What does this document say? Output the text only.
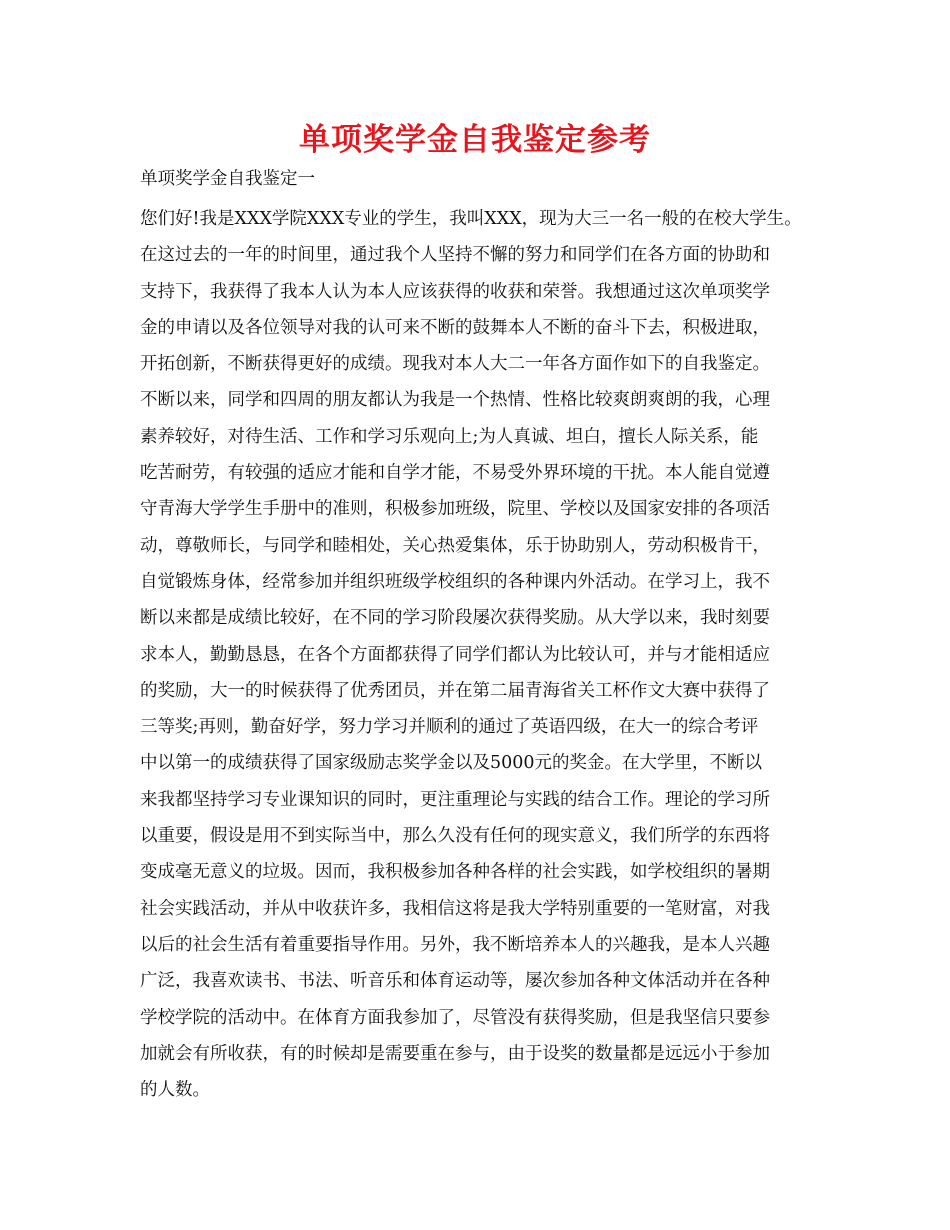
单项奖学金自我鉴定参考
单项奖学金自我鉴定一
您们好!我是XXX学院XXX专业的学生，我叫XXX，现为大三一名一般的在校大学生。
在这过去的一年的时间里，通过我个人坚持不懈的努力和同学们在各方面的协助和
支持下，我获得了我本人认为本人应该获得的收获和荣誉。我想通过这次单项奖学
金的申请以及各位领导对我的认可来不断的鼓舞本人不断的奋斗下去，积极进取，
开拓创新，不断获得更好的成绩。现我对本人大二一年各方面作如下的自我鉴定。
不断以来，同学和四周的朋友都认为我是一个热情、性格比较爽朗爽朗的我，心理
素养较好，对待生活、工作和学习乐观向上;为人真诚、坦白，擅长人际关系，能
吃苦耐劳，有较强的适应才能和自学才能，不易受外界环境的干扰。本人能自觉遵
守青海大学学生手册中的准则，积极参加班级，院里、学校以及国家安排的各项活
动，尊敬师长，与同学和睦相处，关心热爱集体，乐于协助别人，劳动积极肯干，
自觉锻炼身体，经常参加并组织班级学校组织的各种课内外活动。在学习上，我不
断以来都是成绩比较好，在不同的学习阶段屡次获得奖励。从大学以来，我时刻要
求本人，勤勤恳恳，在各个方面都获得了同学们都认为比较认可，并与才能相适应
的奖励，大一的时候获得了优秀团员，并在第二届青海省关工杯作文大赛中获得了
三等奖;再则，勤奋好学，努力学习并顺利的通过了英语四级，在大一的综合考评
中以第一的成绩获得了国家级励志奖学金以及5000元的奖金。在大学里，不断以
来我都坚持学习专业课知识的同时，更注重理论与实践的结合工作。理论的学习所
以重要，假设是用不到实际当中，那么久没有任何的现实意义，我们所学的东西将
变成毫无意义的垃圾。因而，我积极参加各种各样的社会实践，如学校组织的暑期
社会实践活动，并从中收获许多，我相信这将是我大学特别重要的一笔财富，对我
以后的社会生活有着重要指导作用。另外，我不断培养本人的兴趣我，是本人兴趣
广泛，我喜欢读书、书法、听音乐和体育运动等，屡次参加各种文体活动并在各种
学校学院的活动中。在体育方面我参加了，尽管没有获得奖励，但是我坚信只要参
加就会有所收获，有的时候却是需要重在参与，由于设奖的数量都是远远小于参加
的人数。
